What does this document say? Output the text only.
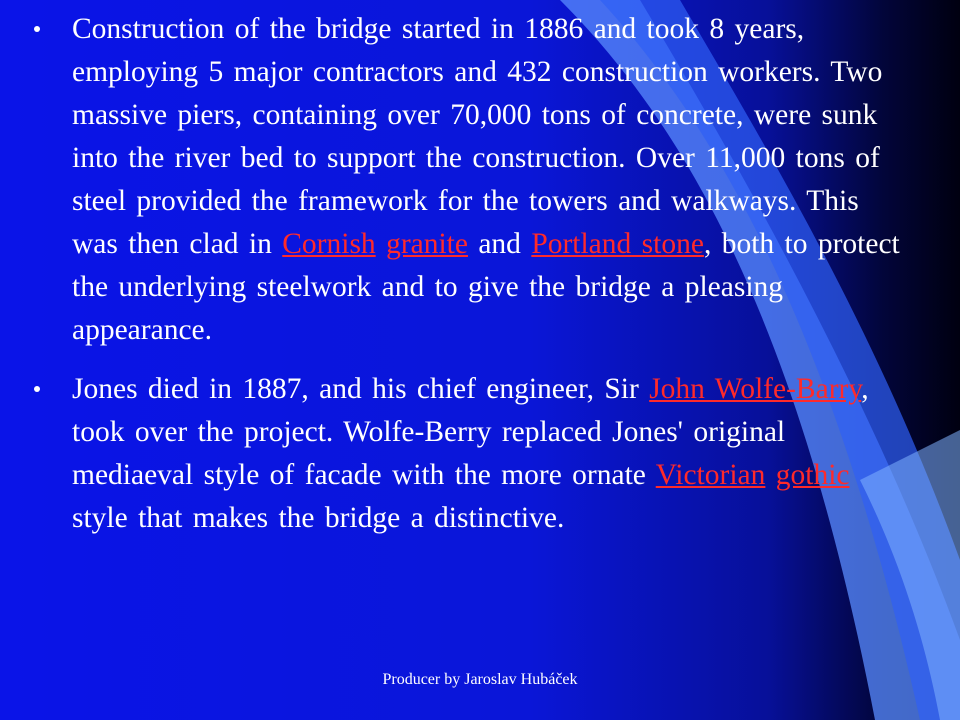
Construction of the bridge started in 1886 and took 8 years, employing 5 major contractors and 432 construction workers. Two massive piers, containing over 70,000 tons of concrete, were sunk into the river bed to support the construction. Over 11,000 tons of steel provided the framework for the towers and walkways. This was then clad in Cornish granite and Portland stone, both to protect the underlying steelwork and to give the bridge a pleasing appearance.
Jones died in 1887, and his chief engineer, Sir John Wolfe-Barry, took over the project. Wolfe-Berry replaced Jones' original mediaeval style of facade with the more ornate Victorian gothic style that makes the bridge a distinctive.
Producer by Jaroslav Hubáček
